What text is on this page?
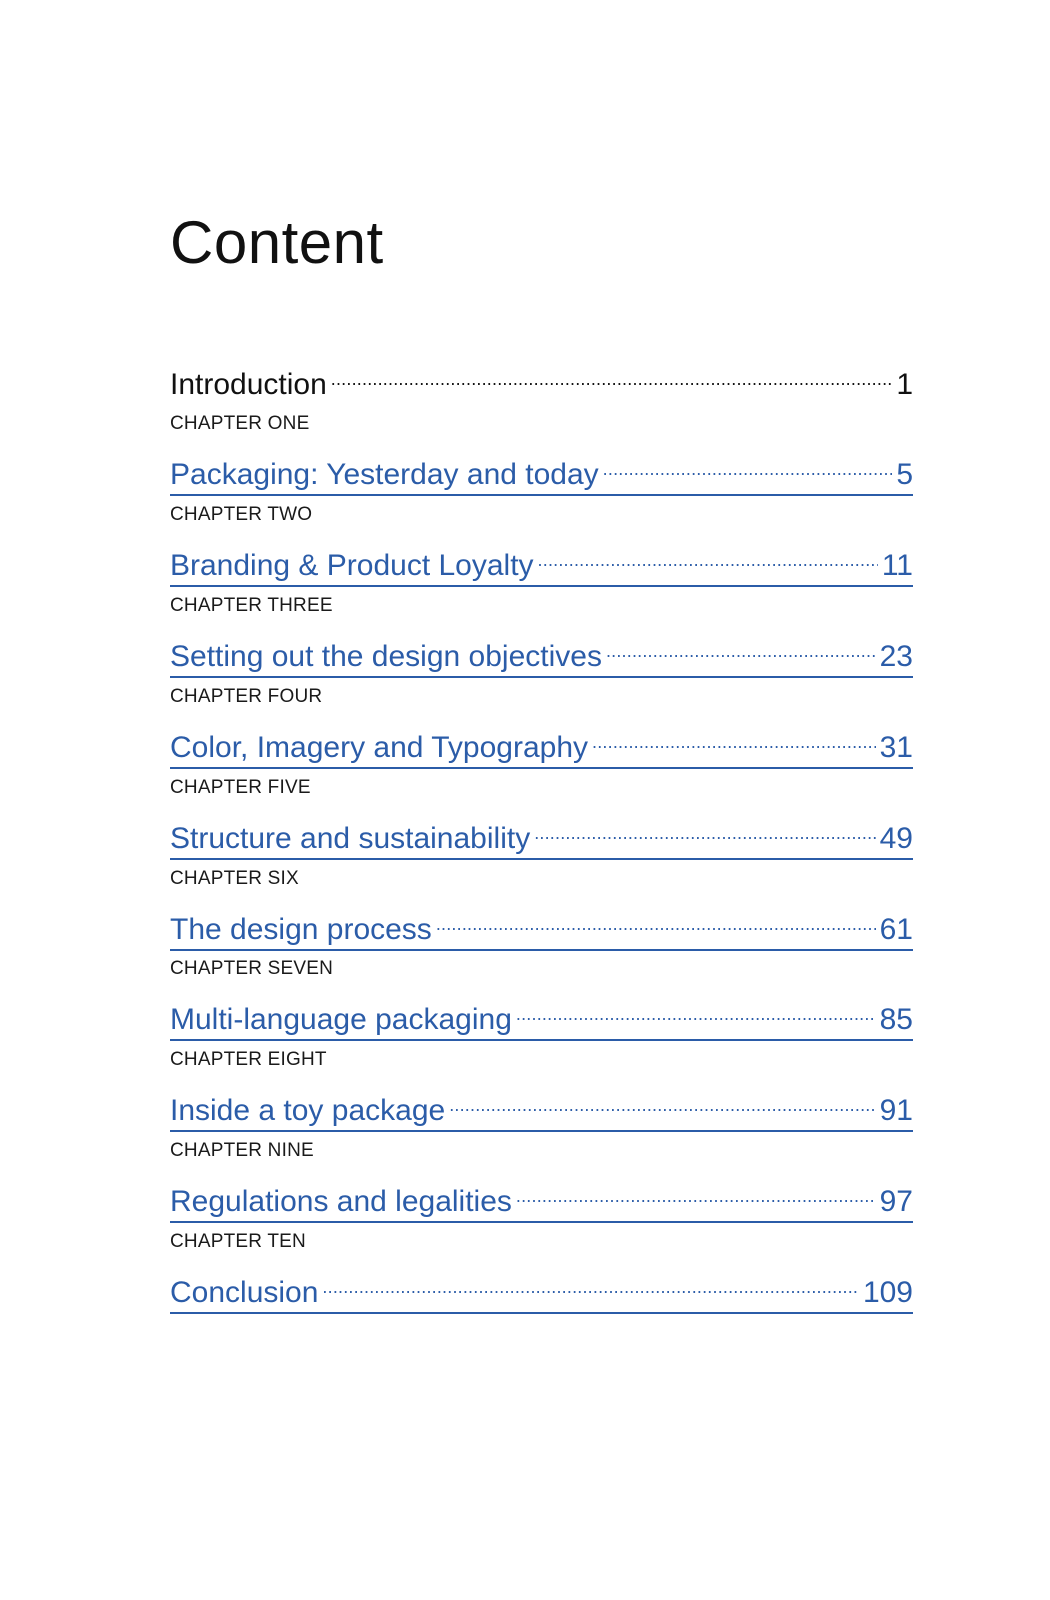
Content
Introduction .....	1
CHAPTER ONE
Packaging: Yesterday and today .....	5
CHAPTER TWO
Branding & Product Loyalty .....	11
CHAPTER THREE
Setting out the design objectives .....	23
CHAPTER FOUR
Color, Imagery and Typography .....	31
CHAPTER FIVE
Structure and sustainability .....	49
CHAPTER SIX
The design process .....	61
CHAPTER SEVEN
Multi-language packaging .....	85
CHAPTER EIGHT
Inside a toy package .....	91
CHAPTER NINE
Regulations and legalities .....	97
CHAPTER TEN
Conclusion .....	109
